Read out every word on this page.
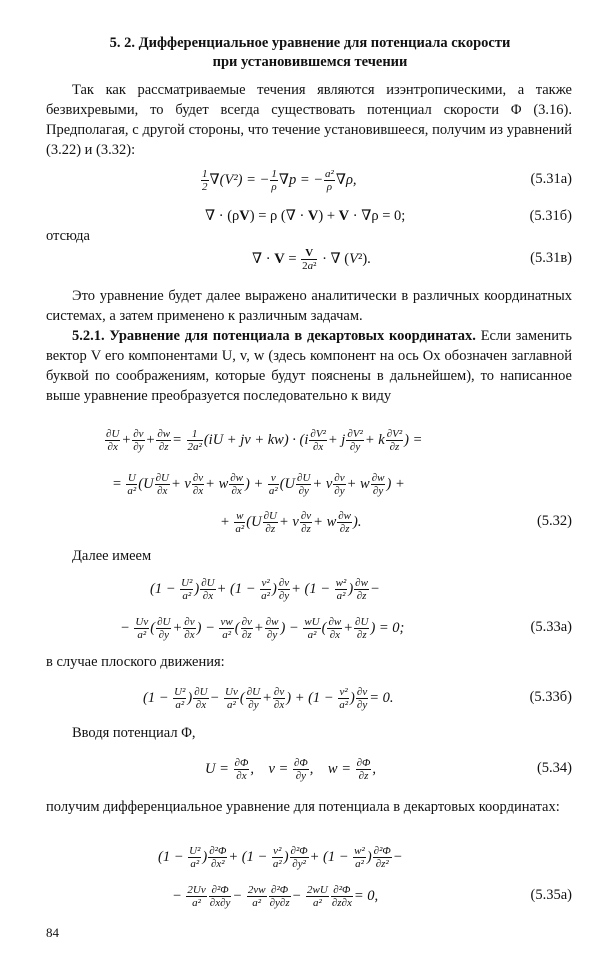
5. 2. Дифференциальное уравнение для потенциала скорости
при установившемся течении
Так как рассматриваемые течения являются изэнтропическими, а также безвихревыми, то будет всегда существовать потенциал скорости Φ (3.16). Предполагая, с другой стороны, что течение установившееся, получим из уравнений (3.22) и (3.32):
$\frac{1}{2} \nabla(V^2)$ = − $\frac{1}{\rho} \nabla p$ = − $\frac{\text{a²}}{\rho} \nabla\rho$,	(5.31a)
∇ · (ρV) = ρ (∇ · V) + V · ∇ρ = 0;	(5.31б)
отсюда
∇ · $V = \frac{V}{\text{2a²}}$ · ∇ (V²).	(5.31в)
Это уравнение будет далее выражено аналитически в различных координатных системах, а затем применено к различным задачам.
5.2.1. Уравнение для потенциала в декартовых координатах. Если заменить вектор V его компонентами U, v, w (здесь компонент на ось Ox обозначен заглавной буквой по соображениям, которые будут пояснены в дальнейшем), то написанное выше уравнение преобразуется последовательно к виду
$\frac{\partial U}{\partial x} + \frac{\partial v}{\partial y} + \frac{\partial w}{\partial z} = \frac{1}{\text{2a²}} (iU$ + jv + $kw) \cdot (i \frac{\text{∂V²}}{\partial x} + j \frac{\text{∂V²}}{\partial y} + k \frac{\text{∂V²}}{\partial z}$ ) =
= $\frac{U}{\text{a²}} (U \frac{\partial U}{\partial x} + v \frac{\partial v}{\partial x} + w \frac{\partial w}{\partial x}$ ) + $\frac{v}{\text{a²}} (U \frac{\partial U}{\partial y} + v \frac{\partial v}{\partial y} + w \frac{\partial w}{\partial y}$ ) +
+ $\frac{w}{\text{a²}} (U \frac{\partial U}{\partial z} + v \frac{\partial v}{\partial z} + w \frac{\partial w}{\partial z}$ ).	(5.32)
Далее имеем
($1 - \frac{\text{U²}}{\text{a²}}$ ) $\frac{\partial U}{\partial x} + (1 - \frac{\text{v²}}{\text{a²}}$ ) $\frac{\partial v}{\partial y} + (1 - \frac{\text{w²}}{\text{a²}}$ ) $\frac{\partial w}{\partial z}$ −
− $\frac{Uv}{\text{a²}}$ ( $\frac{\partial U}{\partial y} + \frac{\partial v}{\partial x}$ ) − $\frac{vw}{\text{a²}}$ ( $\frac{\partial v}{\partial z} + \frac{\partial w}{\partial y}$ ) − $\frac{wU}{\text{a²}}$ ( $\frac{\partial w}{\partial x} + \frac{\partial U}{\partial z}$ ) = 0;	(5.33а)
в случае плоского движения:
($1 - \frac{\text{U²}}{\text{a²}}$ ) $\frac{\partial U}{\partial x} - \frac{Uv}{\text{a²}}$ ( $\frac{\partial U}{\partial y} + \frac{\partial v}{\partial x}$ ) + ($1 - \frac{\text{v²}}{\text{a²}}$ ) $\frac{\partial v}{\partial y} = 0$.	(5.33б)
Вводя потенциал Φ,
$U = \frac{\partial\Phi}{\partial x}$ ,    $v = \frac{\partial\Phi}{\partial y}$ ,    $w = \frac{\partial\Phi}{\partial z}$ ,	(5.34)
получим дифференциальное уравнение для потенциала в декартовых координатах:
($1 - \frac{\text{U²}}{\text{a²}}$ ) $\frac{\text{∂²Φ}}{\text{∂x²}} + (1 - \frac{\text{v²}}{\text{a²}}$ ) $\frac{\text{∂²Φ}}{\text{∂y²}} + (1 - \frac{\text{w²}}{\text{a²}}$ ) $\frac{\text{∂²Φ}}{\text{∂z²}}$ −
− $\frac{2Uv}{\text{a²}} \frac{\text{∂²Φ}}{\partial x\partial y} - \frac{2vw}{\text{a²}} \frac{\text{∂²Φ}}{\partial y\partial z} - \frac{2wU}{\text{a²}} \frac{\text{∂²Φ}}{\partial z\partial x} = 0$,	(5.35a)
84
